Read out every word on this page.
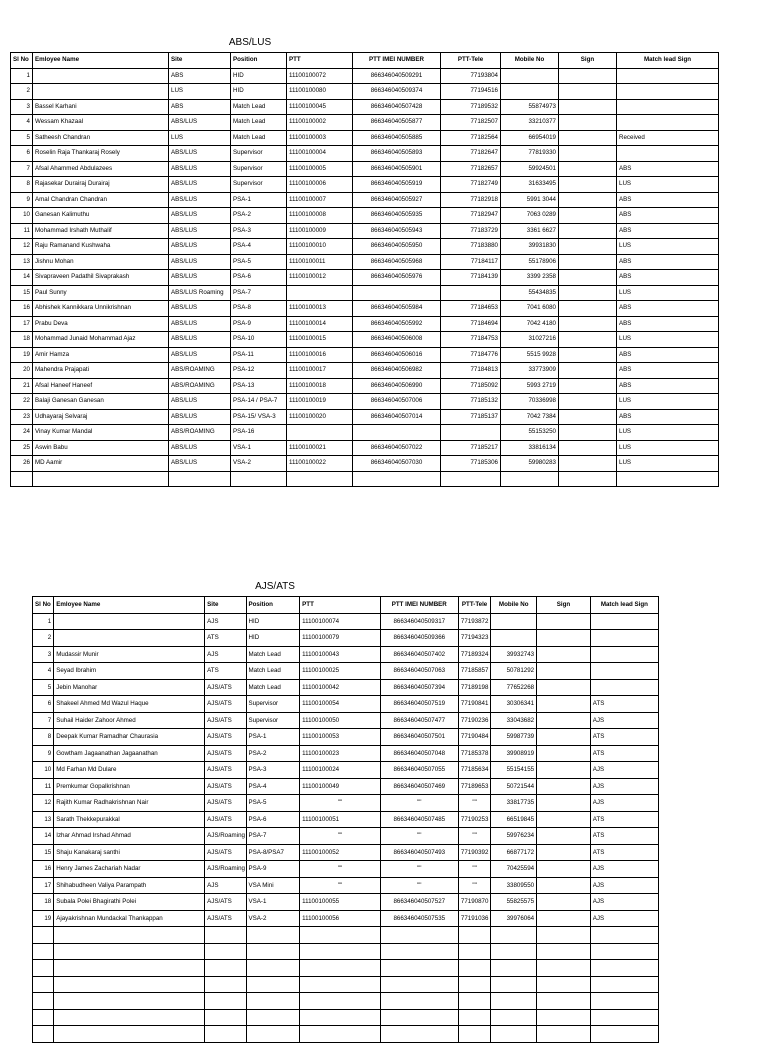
ABS/LUS
Sl No	Emloyee Name	Site	Position	PTT	PTT IMEI NUMBER	PTT-Tele	Mobile No	Sign	Match lead Sign
1		ABS	HID	11100100072	866346040509291	77193804			
2		LUS	HID	11100100080	866346040509374	77194516			
3	Bassel Karhani	ABS	Match Lead	11100100045	866346040507428	77189532	55874973		
4	Wessam Khazaal	ABS/LUS	Match Lead	11100100002	866346040505877	77182507	33210377		
5	Satheesh Chandran	LUS	Match Lead	11100100003	866346040505885	77182564	66954019		Received
6	Roselin Raja Thankaraj Rosely	ABS/LUS	Supervisor	11100100004	866346040505893	77182647	77819330		
7	Afsal Ahammed Abdulazees	ABS/LUS	Supervisor	11100100005	866346040505901	77182657	59924501		ABS
8	Rajasekar Durairaj Durairaj	ABS/LUS	Supervisor	11100100006	866346040505919	77182749	31633495		LUS
9	Amal Chandran Chandran	ABS/LUS	PSA-1	11100100007	866346040505927	77182918	5991 3044		ABS
10	Ganesan Kalimuthu	ABS/LUS	PSA-2	11100100008	866346040505935	77182947	7063 0289		ABS
11	Mohammad Irshath Muthalif	ABS/LUS	PSA-3	11100100009	866346040505943	77183729	3361 6627		ABS
12	Raju Ramanand Kushwaha	ABS/LUS	PSA-4	11100100010	866346040505950	77183880	39931830		LUS
13	Jishnu Mohan	ABS/LUS	PSA-5	11100100011	866346040505968	77184117	55178906		ABS
14	Sivapraveen Padathil Sivaprakash	ABS/LUS	PSA-6	11100100012	866346040505976	77184139	3399 2358		ABS
15	Paul Sunny	ABS/LUS Roaming	PSA-7				55434835		LUS
16	Abhishek Kannikkara Unnikrishnan	ABS/LUS	PSA-8	11100100013	866346040505984	77184653	7041 6080		ABS
17	Prabu Deva	ABS/LUS	PSA-9	11100100014	866346040505992	77184694	7042 4180		ABS
18	Mohammad Junaid Mohammad Ajaz	ABS/LUS	PSA-10	11100100015	866346040506008	77184753	31027216		LUS
19	Amir Hamza	ABS/LUS	PSA-11	11100100016	866346040506016	77184776	5515 9928		ABS
20	Mahendra Prajapati	ABS/ROAMING	PSA-12	11100100017	866346040506982	77184813	33773909		ABS
21	Afsal Haneef Haneef	ABS/ROAMING	PSA-13	11100100018	866346040506990	77185092	5993 2719		ABS
22	Balaji Ganesan Ganesan	ABS/LUS	PSA-14 / PSA-7	11100100019	866346040507006	77185132	70336998		LUS
23	Udhayaraj Selvaraj	ABS/LUS	PSA-15/ VSA-3	11100100020	866346040507014	77185137	7042 7384		ABS
24	Vinay Kumar Mandal	ABS/ROAMING	PSA-16				55153250		LUS
25	Aswin Babu	ABS/LUS	VSA-1	11100100021	866346040507022	77185217	33816134		LUS
26	MD Aamir	ABS/LUS	VSA-2	11100100022	866346040507030	77185306	59980283		LUS

AJS/ATS
Sl No	Emloyee Name	Site	Position	PTT	PTT IMEI NUMBER	PTT-Tele	Mobile No	Sign	Match lead Sign
1		AJS	HID	11100100074	866346040509317	77193872			
2		ATS	HID	11100100079	866346040509366	77194323			
3	Mudassir Munir	AJS	Match Lead	11100100043	866346040507402	77189324	39932743		
4	Seyad Ibrahim	ATS	Match Lead	11100100025	866346040507063	77185857	50781292		
5	Jebin Manohar	AJS/ATS	Match Lead	11100100042	866346040507394	77189198	77652268		
6	Shakeel Ahmed Md Wazul Haque	AJS/ATS	Supervisor	11100100054	866346040507519	77190841	30306341		ATS
7	Suhail Haider Zahoor Ahmed	AJS/ATS	Supervisor	11100100050	866346040507477	77190236	33043682		AJS
8	Deepak Kumar Ramadhar Chaurasia	AJS/ATS	PSA-1	11100100053	866346040507501	77190484	59987739		ATS
9	Gowtham Jagaanathan Jagaanathan	AJS/ATS	PSA-2	11100100023	866346040507048	77185378	39908919		ATS
10	Md Farhan Md Dulare	AJS/ATS	PSA-3	11100100024	866346040507055	77185634	55154155		AJS
11	Premkumar Gopalkrishnan	AJS/ATS	PSA-4	11100100049	866346040507469	77189653	50721544		AJS
12	Rajith Kumar Radhakrishnan Nair	AJS/ATS	PSA-5	""	""	""	33817735		AJS
13	Sarath Thekkepurakkal	AJS/ATS	PSA-6	11100100051	866346040507485	77190253	66519845		ATS
14	Izhar Ahmad Irshad Ahmad	AJS/Roaming	PSA-7	""	""	""	59976234		ATS
15	Shaju Kanakaraj santhi	AJS/ATS	PSA-8/PSA7	11100100052	866346040507493	77190392	66877172		ATS
16	Henry James Zachariah Nadar	AJS/Roaming	PSA-9	""	""	""	70425594		AJS
17	Shihabudheen Valiya Parampath	AJS	VSA Mini	""	""	""	33809550		AJS
18	Subala Polei Bhagirathi Polei	AJS/ATS	VSA-1	11100100055	866346040507527	77190870	55825575		AJS
19	Ajayakrishnan Mundackal Thankappan	AJS/ATS	VSA-2	11100100056	866346040507535	77191036	39976064		AJS
